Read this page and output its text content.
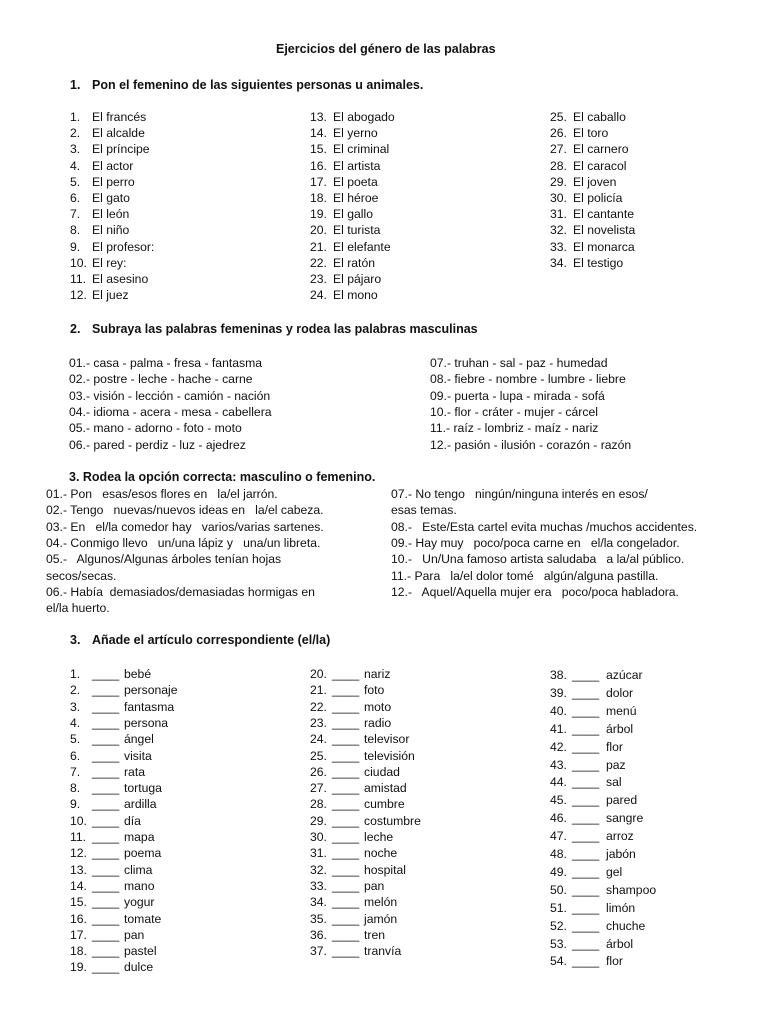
Ejercicios del género de las palabras
1. Pon el femenino de las siguientes personas u animales.
1. El francés
2. El alcalde
3. El príncipe
4. El actor
5. El perro
6. El gato
7. El león
8. El niño
9. El profesor:
10. El rey:
11. El asesino
12. El juez
13. El abogado
14. El yerno
15. El criminal
16. El artista
17. El poeta
18. El héroe
19. El gallo
20. El turista
21. El elefante
22. El ratón
23. El pájaro
24. El mono
25. El caballo
26. El toro
27. El carnero
28. El caracol
29. El joven
30. El policía
31. El cantante
32. El novelista
33. El monarca
34. El testigo
2. Subraya las palabras femeninas y rodea las palabras masculinas
01.- casa - palma - fresa - fantasma
02.- postre - leche - hache - carne
03.- visión - lección - camión - nación
04.- idioma - acera - mesa - cabellera
05.- mano - adorno - foto - moto
06.- pared - perdiz - luz - ajedrez
07.- truhan - sal - paz - humedad
08.- fiebre - nombre - lumbre - liebre
09.- puerta - lupa - mirada - sofá
10.- flor - cráter - mujer - cárcel
11.- raíz - lombriz - maíz - nariz
12.- pasión - ilusión - corazón - razón
3. Rodea la opción correcta: masculino o femenino.
01.- Pon   esas/esos flores en   la/el jarrón.
02.- Tengo   nuevas/nuevos ideas en   la/el cabeza.
03.- En   el/la comedor hay   varios/varias sartenes.
04.- Conmigo llevo   un/una lápiz y   una/un libreta.
05.-   Algunos/Algunas árboles tenían hojas
secos/secas.
06.- Había  demasiados/demasiadas hormigas en
el/la huerto.
07.- No tengo   ningún/ninguna interés en esos/
esas temas.
08.-   Este/Esta cartel evita muchas /muchos accidentes.
09.- Hay muy   poco/poca carne en   el/la congelador.
10.-   Un/Una famoso artista saludaba   a la/al público.
11.- Para   la/el dolor tomé   algún/alguna pastilla.
12.-   Aquel/Aquella mujer era   poco/poca habladora.
3. Añade el artículo correspondiente (el/la)
1. ____ bebé
2. ____ personaje
3. ____ fantasma
4. ____ persona
5. ____ ángel
6. ____ visita
7. ____ rata
8. ____ tortuga
9. ____ ardilla
10. ____ día
11. ____ mapa
12. ____ poema
13. ____ clima
14. ____ mano
15. ____ yogur
16. ____ tomate
17. ____ pan
18. ____ pastel
19. ____ dulce
20. ____ nariz
21. ____ foto
22. ____ moto
23. ____ radio
24. ____ televisor
25. ____ televisión
26. ____ ciudad
27. ____ amistad
28. ____ cumbre
29. ____ costumbre
30. ____ leche
31. ____ noche
32. ____ hospital
33. ____ pan
34. ____ melón
35. ____ jamón
36. ____ tren
37. ____ tranvía
38. ____ azúcar
39. ____ dolor
40. ____ menú
41. ____ árbol
42. ____ flor
43. ____ paz
44. ____ sal
45. ____ pared
46. ____ sangre
47. ____ arroz
48. ____ jabón
49. ____ gel
50. ____ shampoo
51. ____ limón
52. ____ chuche
53. ____ árbol
54. ____ flor
